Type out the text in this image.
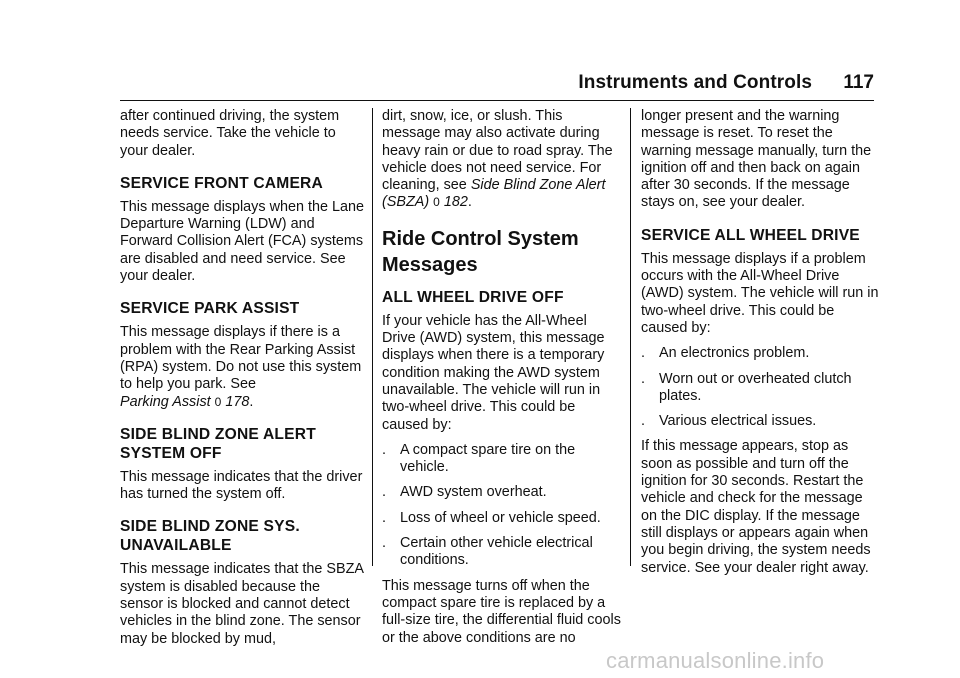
Instruments and Controls 117

after continued driving, the system needs service. Take the vehicle to your dealer.

SERVICE FRONT CAMERA

This message displays when the Lane Departure Warning (LDW) and Forward Collision Alert (FCA) systems are disabled and need service. See your dealer.

SERVICE PARK ASSIST

This message displays if there is a problem with the Rear Parking Assist (RPA) system. Do not use this system to help you park. See
Parking Assist 0 178.

SIDE BLIND ZONE ALERT
SYSTEM OFF

This message indicates that the driver has turned the system off.

SIDE BLIND ZONE SYS.
UNAVAILABLE

This message indicates that the SBZA system is disabled because the sensor is blocked and cannot detect vehicles in the blind zone. The sensor may be blocked by mud,

dirt, snow, ice, or slush. This message may also activate during heavy rain or due to road spray. The vehicle does not need service. For cleaning, see Side Blind Zone Alert (SBZA) 0 182.

Ride Control System
Messages
ALL WHEEL DRIVE OFF

If your vehicle has the All-Wheel Drive (AWD) system, this message displays when there is a temporary condition making the AWD system unavailable. The vehicle will run in two-wheel drive. This could be caused by:

. A compact spare tire on the vehicle.
. AWD system overheat.
. Loss of wheel or vehicle speed.
. Certain other vehicle electrical conditions.

This message turns off when the compact spare tire is replaced by a full-size tire, the differential fluid cools or the above conditions are no

longer present and the warning message is reset. To reset the warning message manually, turn the ignition off and then back on again after 30 seconds. If the message stays on, see your dealer.

SERVICE ALL WHEEL DRIVE

This message displays if a problem occurs with the All-Wheel Drive (AWD) system. The vehicle will run in two-wheel drive. This could be caused by:

. An electronics problem.
. Worn out or overheated clutch plates.
. Various electrical issues.

If this message appears, stop as soon as possible and turn off the ignition for 30 seconds. Restart the vehicle and check for the message on the DIC display. If the message still displays or appears again when you begin driving, the system needs service. See your dealer right away.

carmanualsonline.info
